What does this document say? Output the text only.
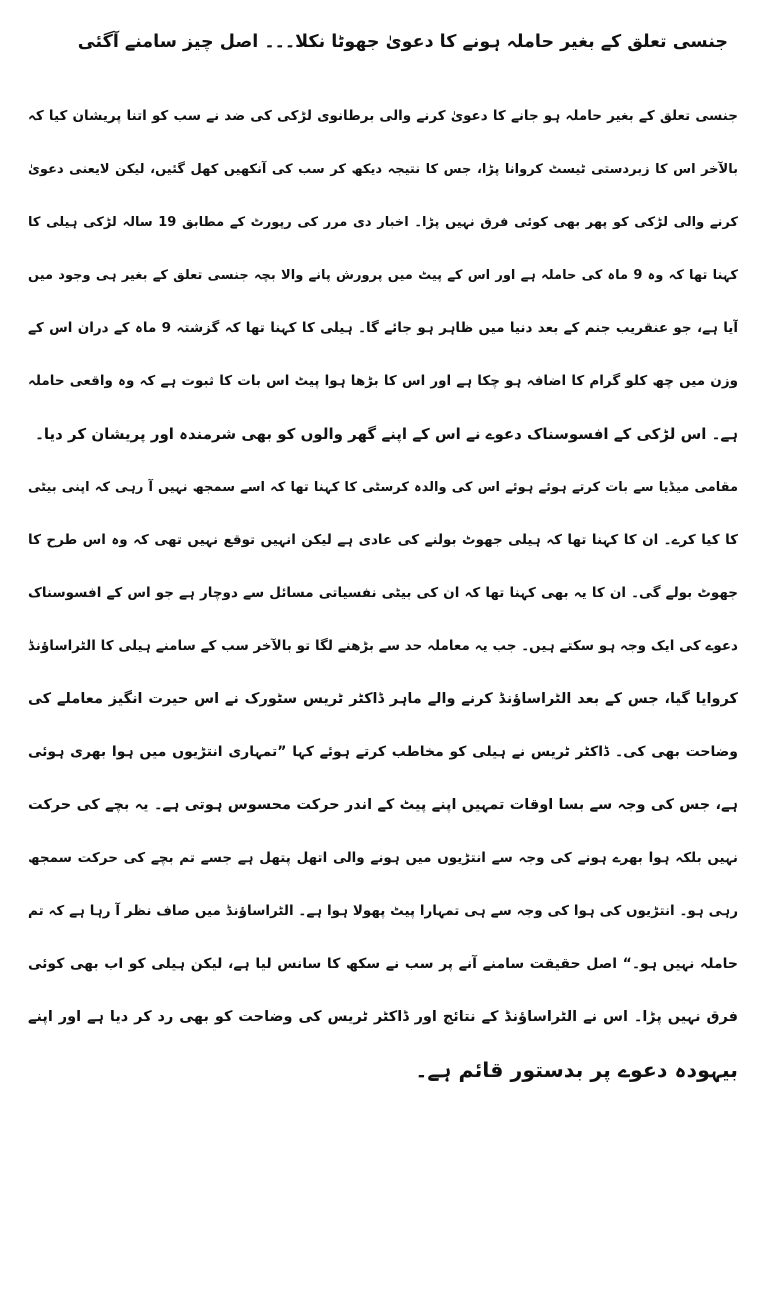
جنسی تعلق کے بغیر حاملہ ہونے کا دعویٰ جھوٹا نکلا۔۔۔ اصل چیز سامنے آگئی
جنسی تعلق کے بغیر حاملہ ہو جانے کا دعویٰ کرنے والی برطانوی لڑکی کی ضد نے سب کو اتنا پریشان کیا کہ
بالآخر اس کا زبردستی ٹیسٹ کروانا پڑا، جس کا نتیجہ دیکھ کر سب کی آنکھیں کھل گئیں، لیکن لایعنی دعویٰ
کرنے والی لڑکی کو پھر بھی کوئی فرق نہیں پڑا۔ اخبار دی مرر کی رپورٹ کے مطابق 19 سالہ لڑکی ہیلی کا
کہنا تھا کہ وہ 9 ماہ کی حاملہ ہے اور اس کے پیٹ میں پرورش پانے والا بچہ جنسی تعلق کے بغیر ہی وجود میں
آیا ہے، جو عنقریب جنم کے بعد دنیا میں ظاہر ہو جائے گا۔ ہیلی کا کہنا تھا کہ گزشتہ 9 ماہ کے دران اس کے
وزن میں چھ کلو گرام کا اضافہ ہو چکا ہے اور اس کا بڑھا ہوا پیٹ اس بات کا ثبوت ہے کہ وہ واقعی حاملہ
ہے۔ اس لڑکی کے افسوسناک دعوے نے اس کے اپنے گھر والوں کو بھی شرمندہ اور پریشان کر دیا۔
مقامی میڈیا سے بات کرتے ہوئے ہوئے اس کی والدہ کرسٹی کا کہنا تھا کہ اسے سمجھ نہیں آ رہی کہ اپنی بیٹی
کا کیا کرے۔ ان کا کہنا تھا کہ ہیلی جھوٹ بولنے کی عادی ہے لیکن انہیں توقع نہیں تھی کہ وہ اس طرح کا
جھوٹ بولے گی۔ ان کا یہ بھی کہنا تھا کہ ان کی بیٹی نفسیاتی مسائل سے دوچار ہے جو اس کے افسوسناک
دعوے کی ایک وجہ ہو سکتے ہیں۔ جب یہ معاملہ حد سے بڑھنے لگا تو بالآخر سب کے سامنے ہیلی کا الٹراساؤنڈ
کروایا گیا، جس کے بعد الٹراساؤنڈ کرنے والے ماہر ڈاکٹر ٹریس سٹورک نے اس حیرت انگیز معاملے کی
وضاحت بھی کی۔ ڈاکٹر ٹریس نے ہیلی کو مخاطب کرتے ہوئے کہا ”تمہاری انتڑیوں میں ہوا بھری ہوئی
ہے، جس کی وجہ سے بسا اوقات تمہیں اپنے پیٹ کے اندر حرکت محسوس ہوتی ہے۔ یہ بچے کی حرکت
نہیں بلکہ ہوا بھرے ہونے کی وجہ سے انتڑیوں میں ہونے والی اتھل پتھل ہے جسے تم بچے کی حرکت سمجھ
رہی ہو۔ انتڑیوں کی ہوا کی وجہ سے ہی تمہارا پیٹ پھولا ہوا ہے۔ الٹراساؤنڈ میں صاف نظر آ رہا ہے کہ تم
حاملہ نہیں ہو۔“ اصل حقیقت سامنے آنے پر سب نے سکھ کا سانس لیا ہے، لیکن ہیلی کو اب بھی کوئی
فرق نہیں پڑا۔ اس نے الٹراساؤنڈ کے نتائج اور ڈاکٹر ٹریس کی وضاحت کو بھی رد کر دیا ہے اور اپنے
بیہودہ دعوے پر بدستور قائم ہے۔
